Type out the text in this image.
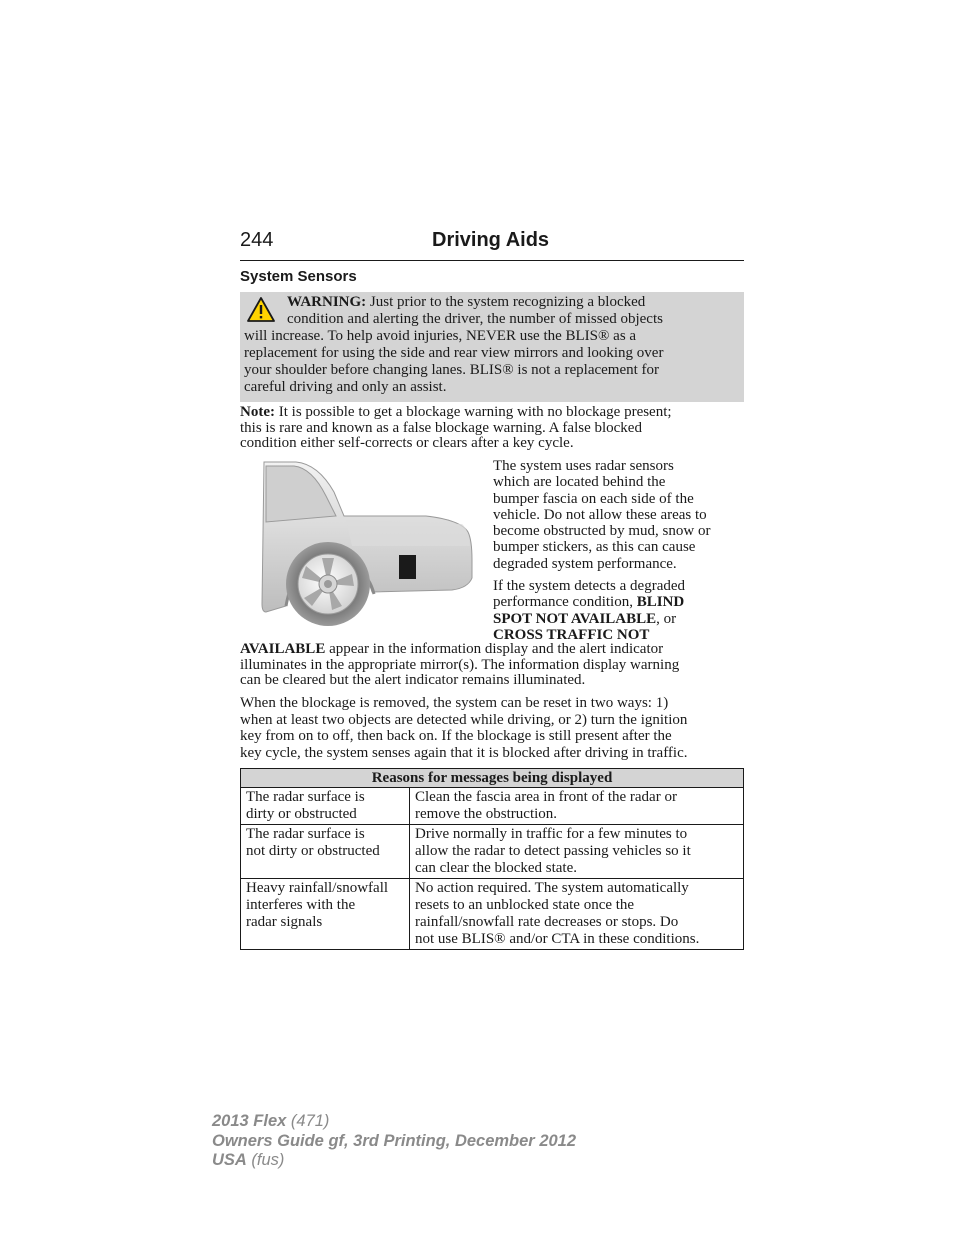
244	Driving Aids
System Sensors
WARNING: Just prior to the system recognizing a blocked
condition and alerting the driver, the number of missed objects
will increase. To help avoid injuries, NEVER use the BLIS® as a
replacement for using the side and rear view mirrors and looking over
your shoulder before changing lanes. BLIS® is not a replacement for
careful driving and only an assist.
Note: It is possible to get a blockage warning with no blockage present;
this is rare and known as a false blockage warning. A false blocked
condition either self-corrects or clears after a key cycle.

The system uses radar sensors
which are located behind the
bumper fascia on each side of the
vehicle. Do not allow these areas to
become obstructed by mud, snow or
bumper stickers, as this can cause
degraded system performance.

If the system detects a degraded
performance condition, BLIND
SPOT NOT AVAILABLE, or
CROSS TRAFFIC NOT

AVAILABLE appear in the information display and the alert indicator
illuminates in the appropriate mirror(s). The information display warning
can be cleared but the alert indicator remains illuminated.
When the blockage is removed, the system can be reset in two ways: 1)
when at least two objects are detected while driving, or 2) turn the ignition
key from on to off, then back on. If the blockage is still present after the
key cycle, the system senses again that it is blocked after driving in traffic.
Reasons for messages being displayed	

The radar surface is
dirty or obstructed	Clean the fascia area in front of the radar or
remove the obstruction.

The radar surface is
not dirty or obstructed	Drive normally in traffic for a few minutes to
allow the radar to detect passing vehicles so it
can clear the blocked state.

Heavy rainfall/snowfall
interferes with the
radar signals	No action required. The system automatically
resets to an unblocked state once the
rainfall/snowfall rate decreases or stops. Do
not use BLIS® and/or CTA in these conditions.
2013 Flex (471)
Owners Guide gf, 3rd Printing, December 2012
USA (fus)
